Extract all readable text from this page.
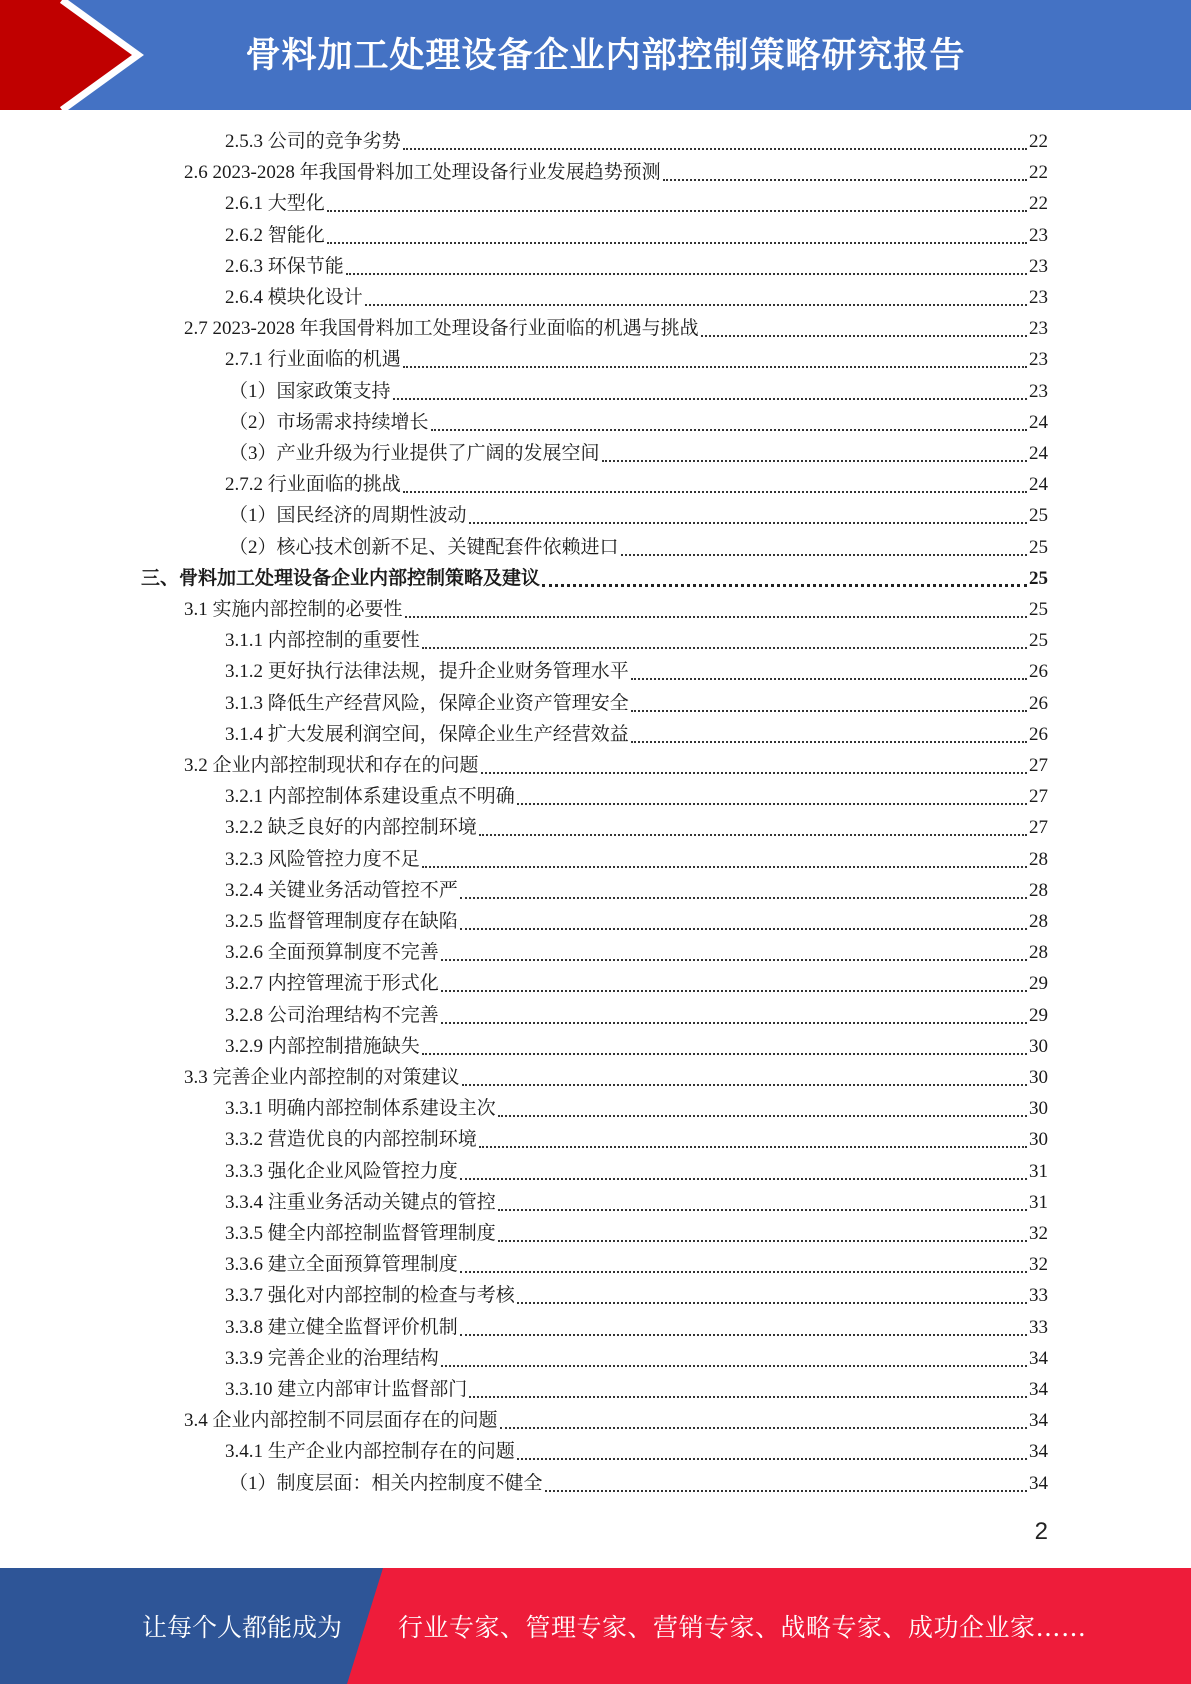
骨料加工处理设备企业内部控制策略研究报告
2.5.3 公司的竞争劣势	22
2.6 2023-2028 年我国骨料加工处理设备行业发展趋势预测	22
2.6.1 大型化	22
2.6.2 智能化	23
2.6.3 环保节能	23
2.6.4 模块化设计	23
2.7 2023-2028 年我国骨料加工处理设备行业面临的机遇与挑战	23
2.7.1 行业面临的机遇	23
（1）国家政策支持	23
（2）市场需求持续增长	24
（3）产业升级为行业提供了广阔的发展空间	24
2.7.2 行业面临的挑战	24
（1）国民经济的周期性波动	25
（2）核心技术创新不足、关键配套件依赖进口	25
三、骨料加工处理设备企业内部控制策略及建议	25
3.1 实施内部控制的必要性	25
3.1.1 内部控制的重要性	25
3.1.2 更好执行法律法规，提升企业财务管理水平	26
3.1.3 降低生产经营风险，保障企业资产管理安全	26
3.1.4 扩大发展利润空间，保障企业生产经营效益	26
3.2 企业内部控制现状和存在的问题	27
3.2.1 内部控制体系建设重点不明确	27
3.2.2 缺乏良好的内部控制环境	27
3.2.3 风险管控力度不足	28
3.2.4 关键业务活动管控不严	28
3.2.5 监督管理制度存在缺陷	28
3.2.6 全面预算制度不完善	28
3.2.7 内控管理流于形式化	29
3.2.8 公司治理结构不完善	29
3.2.9 内部控制措施缺失	30
3.3 完善企业内部控制的对策建议	30
3.3.1 明确内部控制体系建设主次	30
3.3.2 营造优良的内部控制环境	30
3.3.3 强化企业风险管控力度	31
3.3.4 注重业务活动关键点的管控	31
3.3.5 健全内部控制监督管理制度	32
3.3.6 建立全面预算管理制度	32
3.3.7 强化对内部控制的检查与考核	33
3.3.8 建立健全监督评价机制	33
3.3.9 完善企业的治理结构	34
3.3.10 建立内部审计监督部门	34
3.4 企业内部控制不同层面存在的问题	34
3.4.1 生产企业内部控制存在的问题	34
（1）制度层面：相关内控制度不健全	34
2
让每个人都能成为 行业专家、管理专家、营销专家、战略专家、成功企业家……
